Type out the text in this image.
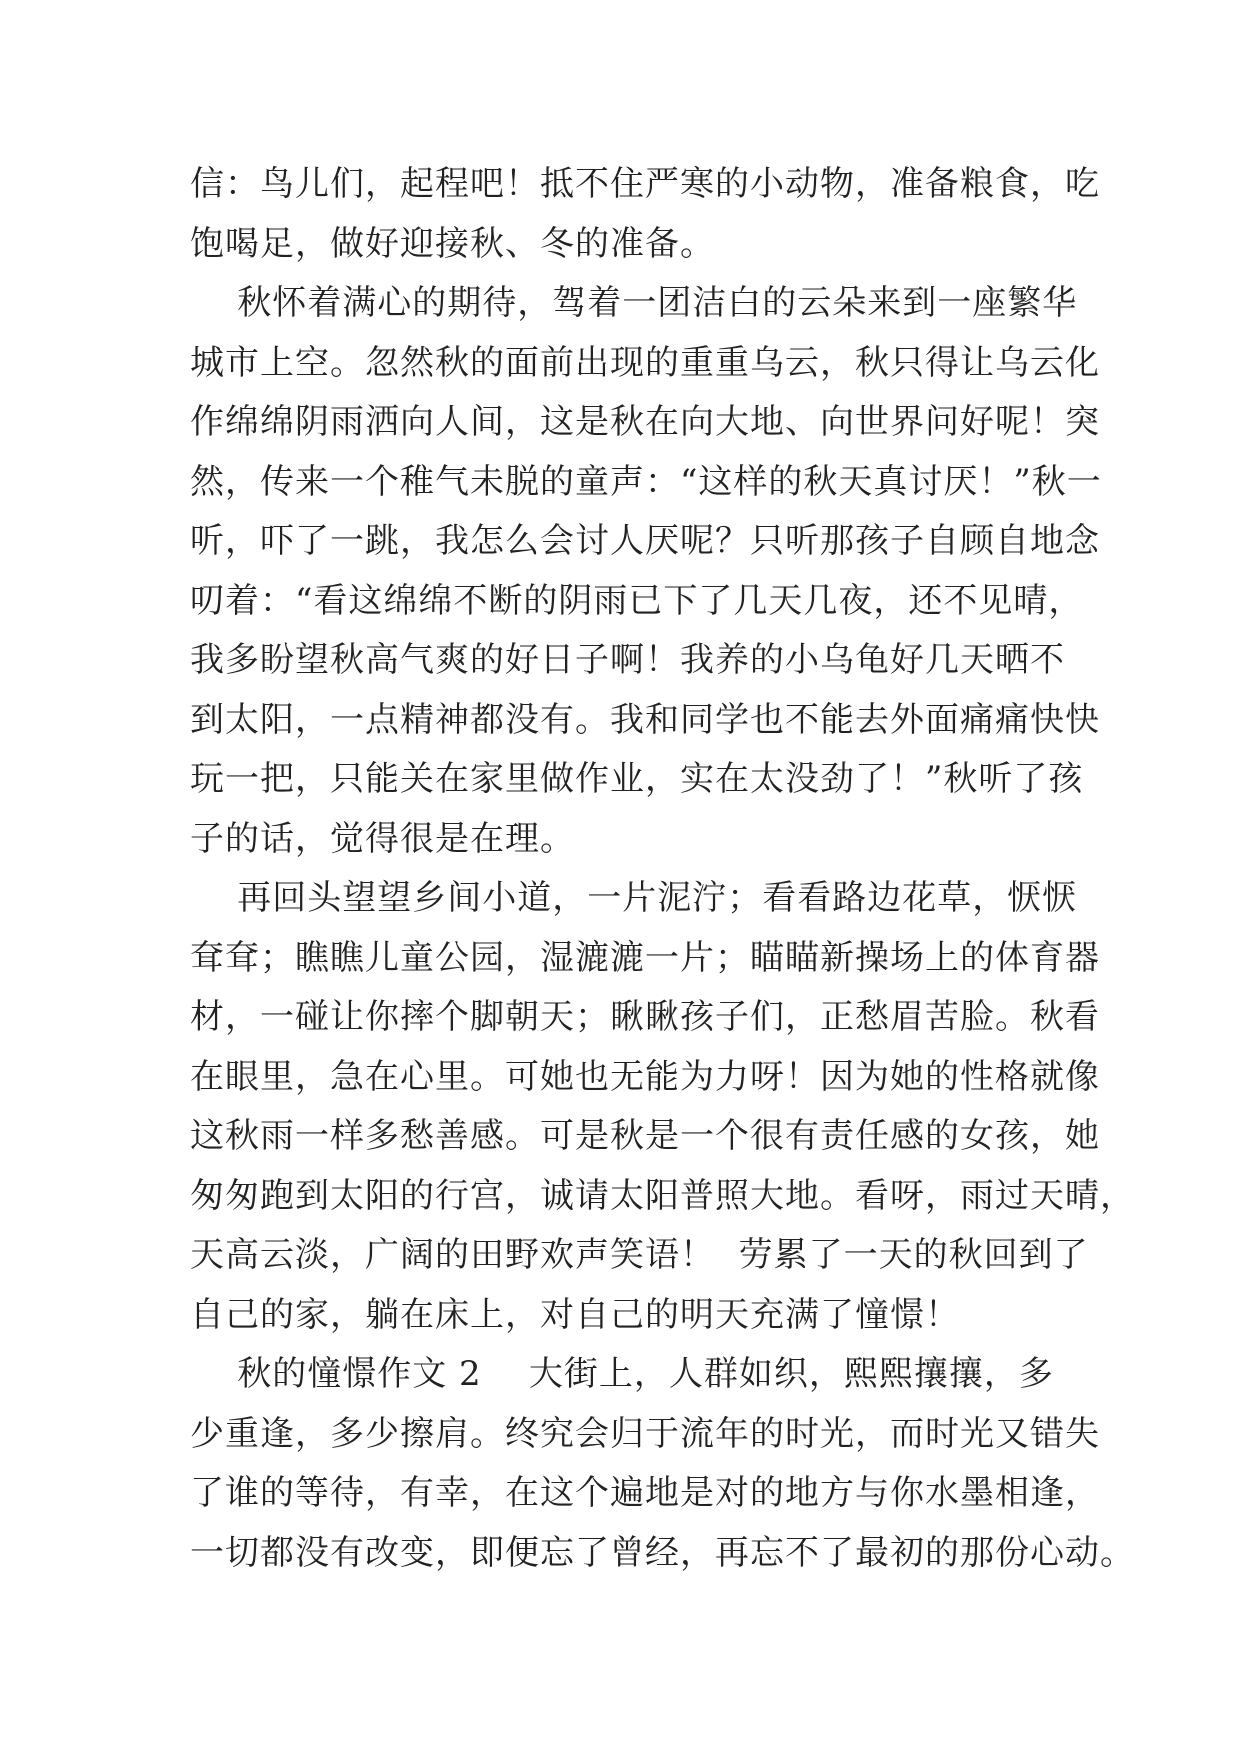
信：鸟儿们，起程吧！抵不住严寒的小动物，准备粮食，吃
饱喝足，做好迎接秋、冬的准备。
秋怀着满心的期待，驾着一团洁白的云朵来到一座繁华
城市上空。忽然秋的面前出现的重重乌云，秋只得让乌云化
作绵绵阴雨洒向人间，这是秋在向大地、向世界问好呢！突
然，传来一个稚气未脱的童声：“这样的秋天真讨厌！”秋一
听，吓了一跳，我怎么会讨人厌呢？只听那孩子自顾自地念
叨着：“看这绵绵不断的阴雨已下了几天几夜，还不见晴，
我多盼望秋高气爽的好日子啊！我养的小乌龟好几天晒不
到太阳，一点精神都没有。我和同学也不能去外面痛痛快快
玩一把，只能关在家里做作业，实在太没劲了！”秋听了孩
子的话，觉得很是在理。
再回头望望乡间小道，一片泥泞；看看路边花草，恹恹
耷耷；瞧瞧儿童公园，湿漉漉一片；瞄瞄新操场上的体育器
材，一碰让你摔个脚朝天；瞅瞅孩子们，正愁眉苦脸。秋看
在眼里，急在心里。可她也无能为力呀！因为她的性格就像
这秋雨一样多愁善感。可是秋是一个很有责任感的女孩，她
匆匆跑到太阳的行宫，诚请太阳普照大地。看呀，雨过天晴，
天高云淡，广阔的田野欢声笑语！  劳累了一天的秋回到了
自己的家，躺在床上，对自己的明天充满了憧憬！
秋的憧憬作文 2    大街上，人群如织，熙熙攘攘，多
少重逢，多少擦肩。终究会归于流年的时光，而时光又错失
了谁的等待，有幸，在这个遍地是对的地方与你水墨相逢，
一切都没有改变，即便忘了曾经，再忘不了最初的那份心动。
